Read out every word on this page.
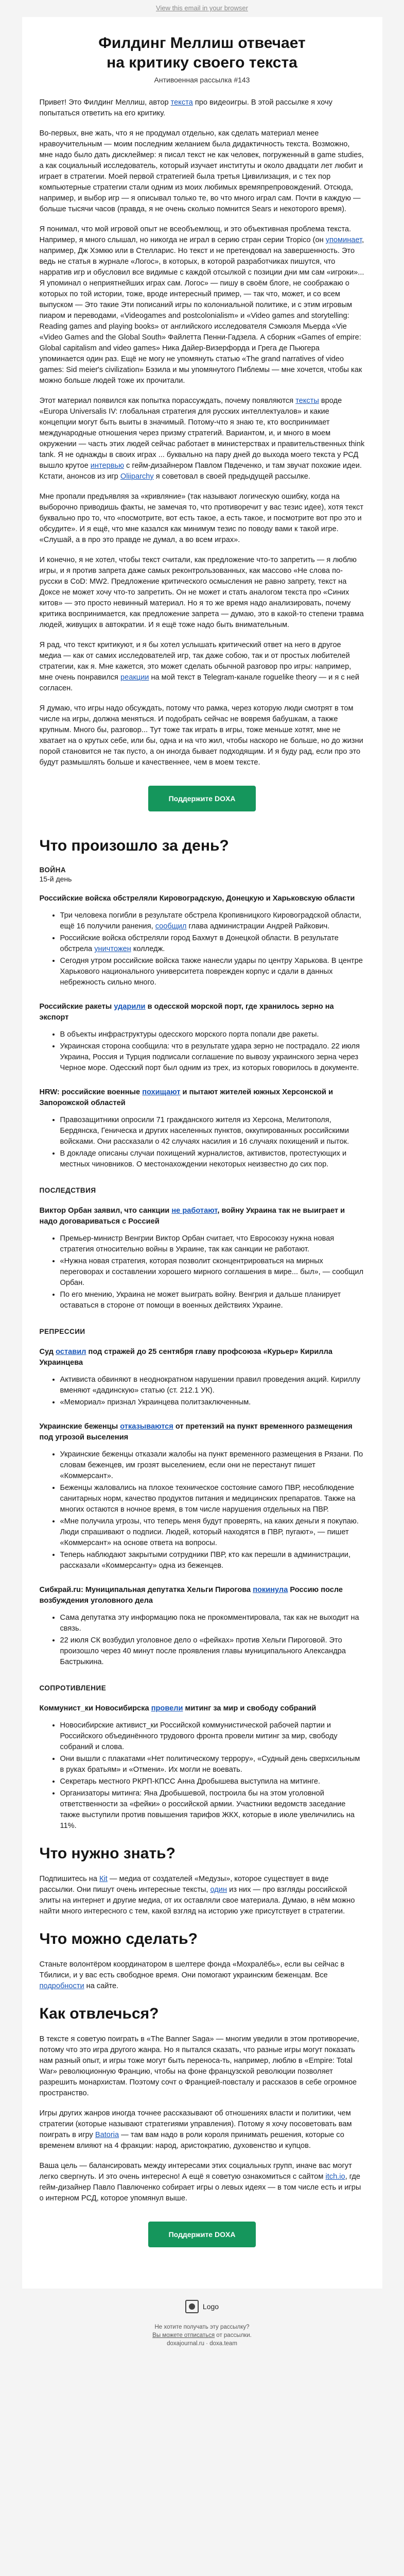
View this email in your browser
Филдинг Меллиш отвечает
на критику своего текста
Антивоенная рассылка #143

Привет! Это Филдинг Меллиш, автор текста про видеоигры. В этой рассылке я хочу попытаться ответить на его критику.

Во-первых, вне жать, что я не продумал отдельно, как сделать материал менее нравоучительным — моим последним желанием была дидактичность текста. Возможно, мне надо было дать дисклеймер: я писал текст не как человек, погруженный в game studies, а как социальный исследователь, который изучает институты и около двадцати лет любит и играет в стратегии. Моей первой стратегией была третья Цивилизация, и с тех пор компьютерные стратегии стали одним из моих любимых времяпрепровождений. Отсюда, например, и выбор игр — я описывал только те, во что много играл сам. Почти в каждую — больше тысячи часов (правда, я не очень сколько помнится Sears и некоторого время).

Я понимал, что мой игровой опыт не всеобъемлющ, и это объективная проблема текста. Например, я много слышал, но никогда не играл в серию стран серии Tropico (он упоминает, например, Дж Хэмкю или в Стелларис. Но текст и не претендовал на завершенность. Это ведь не статья в журнале «Логос», в которых, в которой разработчиках пишутся, что нарратив игр и обусловил все видимые с каждой отсылкой с позиции дни мм сам «игроки»... Я упоминал о неприятнейших играх сам. Логос» — пишу в своём блоге, не соображаю о которых по той истории, тоже, вроде интересный пример, — так что, может, и со всем выпуском — Это такие Эти пописаний игры по колониальной политике, и с этим игровым пиаром и переводами, «Videogames and postcolonialism» и «Video games and storytelling: Reading games and playing books» от английского исследователя Сэмюэля Мьерда «Vie «Video Games and the Global South» Файлетта Пенни-Гадзела. А сборник «Games of empire: Global capitalism and video games» Ника Дайер-Визерфорда и Грега де Пьюгера упоминается один раз. Ещё не могу не упомянуть статью «The grand narratives of video games: Sid meier's civilization» Бэзила и мы упомянутого Пиблемы — мне хочется, чтобы как можно больше людей тоже их прочитали.

Этот материал появился как попытка порассуждать, почему появляются тексты вроде «Europa Universalis IV: глобальная стратегия для русских интеллектуалов» и какие концепции могут быть выиты в значимый. Потому-что я знаю те, кто воспринимает международные отношения через призму стратегий. Вариантом, и, и много в моем окружении — часть этих людей сейчас работает в министерствах и правительственных think tank. Я не однажды в своих играх ... буквально на пару дней до выхода моего текста у РСД вышло крутое интервью с гейм-дизайнером Павлом Пвдеченко, и там звучат похожие идеи. Кстати, анонсов из игр Oliiparchy я советовал в своей предыдущей рассылке.

Мне пропали предъявляя за «кривляние» (так называют логическую ошибку, когда на выборочно приводишь факты, не замечая то, что противоречит у вас тезис идее), хотя текст буквально про то, что «посмотрите, вот есть такое, а есть такое, и посмотрите вот про это и обсудите». И я ещё, что мне казался как минимум тезис по поводу вами к такой игре. «Слушай, а в про это правде не думал, а во всем играх».

И конечно, я не хотел, чтобы текст считали, как предложение что-то запретить — я люблю игры, и я против запрета даже самых реконтрользованных, как массово «Не слова по-русски в СоD: MW2. Предложение критического осмысления не равно запрету, текст на Доксе не может хочу что-то запретить. Он не может и стать аналогом текста про «Синих китов» — это просто невинный материал. Но я то же время надо анализировать, почему критика воспринимается, как предложение запрета — думаю, это в какой-то степени травма людей, живущих в автократии. И я ещё тоже надо быть внимательным.

Я рад, что текст критикуют, и я бы хотел услышать критический ответ на него в другое медиа — как от самих исследователей игр, так даже собою, так и от простых любителей стратегии, как я. Мне кажется, это может сделать обычной разговор про игры: например, мне очень понравился реакции на мой текст в Telegram-канале roguelike theory — и я с ней согласен.

Я думаю, что игры надо обсуждать, потому что рамка, через которую люди смотрят в том числе на игры, должна меняться. И подобрать сейчас не вовремя бабушкам, а также крупным. Много бы, разговор... Тут тоже так играть в игры, тоже меньше хотят, мне не хватает на о крутых себе, или бы, одна и на что жил, чтобы наскоро не больше, но до жизни порой становится не так пусто, а он иногда бывает подходящим. И я буду рад, если про это будут размышлять больше и качественнее, чем в моем тексте.

Поддержите DOXA
Что произошло за день?
ВОЙНА
15-й день
Российские войска обстреляли Кировоградскую, Донецкую и Харьковскую области
• Три человека погибли в результате обстрела Кропивницкого Кировоградской области, ещё 16 получили ранения, сообщил глава администрации Андрей Райкович.
• Российские войска обстреляли город Бахмут в Донецкой области. В результате обстрела уничтожен колледж.
• Сегодня утром российские войска также нанесли удары по центру Харькова. В центре Харькового национального университета поврежден корпус и сдали в данных небрежность сильно много.
Российские ракеты ударили в одесской морской порт, где хранилось зерно на экспорт
• В объекты инфраструктуры одесского морского порта попали две ракеты.
• Украинская сторона сообщила: что в результате удара зерно не пострадало. 22 июля Украина, Россия и Турция подписали соглашение по вывозу украинского зерна через Черное море. Одесский порт был одним из трех, из которых говорилось в документе.
НRW: российские военные похищают и пытают жителей южных Херсонской и Запорожской областей
• Правозащитники опросили 71 гражданского жителя из Херсона, Мелитополя, Бердянска, Геническа и других населенных пунктов, оккупированных российскими войсками. Они рассказали о 42 случаях насилия и 16 случаях похищений и пыток.
• В докладе описаны случаи похищений журналистов, активистов, протестующих и местных чиновников. О местонахождении некоторых неизвестно до сих пор.
ПОСЛЕДСТВИЯ
Виктор Орбан заявил, что санкции не работают, войну Украина так не выиграет и надо договариваться с Россией
• Премьер-министр Венгрии Виктор Орбан считает, что Евросоюзу нужна новая стратегия относительно войны в Украине, так как санкции не работают.
• «Нужна новая стратегия, которая позволит сконцентрироваться на мирных переговорах и составлении хорошего мирного соглашения в мире... был», — сообщил Орбан.
• По его мнению, Украина не может выиграть войну. Венгрия и дальше планирует оставаться в стороне от помощи в военных действиях Украине.
РЕПРЕССИИ
Суд оставил под стражей до 25 сентября главу профсоюза «Курьер» Кирилла Украинцева
• Активиста обвиняют в неоднократном нарушении правил проведения акций. Кириллу вменяют «дадинскую» статью (ст. 212.1 УК).
• «Мемориал» признал Украинцева политзаключенным.
Украинские беженцы отказываются от претензий на пункт временного размещения под угрозой выселения
• Украинские беженцы отказали жалобы на пункт временного размещения в Рязани. По словам беженцев, им грозят выселением, если они не перестанут пишет «Коммерсант».
• Беженцы жаловались на плохое техническое состояние самого ПВР, несоблюдение санитарных норм, качество продуктов питания и медицинских препаратов. Также на многих остаются в ночное время, в том числе нарушения отдельных на ПВР.
• «Мне получила угрозы, что теперь меня будут проверять, на каких деньги я покупаю. Люди спрашивают о подписи. Людей, который находятся в ПВР, пугают», — пишет «Коммерсант» на основе ответа на вопросы.
• Теперь наблюдают закрытыми сотрудники ПВР, кто как перешли в администрации, рассказали «Коммерсанту» одна из беженцев.
Сибкрай.ru: Муниципальная депутатка Хельги Пирогова покинула Россию после возбуждения уголовного дела
• Сама депутатка эту информацию пока не прокомментировала, так как не выходит на связь.
• 22 июля СК возбудил уголовное дело о «фейках» против Хельги Пироговой. Это произошло через 40 минут после проявления главы муниципального Александра Бастрыкина.
СОПРОТИВЛЕНИЕ
Коммунист_ки Новосибирска провели митинг за мир и свободу собраний
• Новосибирские активист_ки Российской коммунистической рабочей партии и Российского объединённого трудового фронта провели митинг за мир, свободу собраний и слова.
• Они вышли с плакатами «Нет политическому террору», «Судный день сверхсильным в руках братьям» и «Отмени». Их могли не воевать.
• Секретарь местного РКРП-КПСС Анна Дробышева выступила на митинге.
• Организаторы митинга: Яна Дробышевой, построила бы на этом уголовной ответственности за «фейки» о российской армии. Участники ведомств заседание также выступили против повышения тарифов ЖКХ, которые в июле увеличились на 11%.
Что нужно знать?

Подпишитесь на Кit — медиа от создателей «Медузы», которое существует в виде рассылки. Они пишут очень интересные тексты, один из них — про взгляды российской элиты на интернет и другие медиа, от их оставляли свое материала. Думаю, в нём можно найти много интересного с тем, какой взгляд на историю уже присутствует в стратегии.

Что можно сделать?

Станьте волонтёром координатором в шелтере фонда «Мохралёбь», если вы сейчас в Тбилиси, и у вас есть свободное время. Они помогают украинским беженцам. Все подробности на сайте.

Как отвлечься?

В тексте я советую поиграть в «The Banner Saga» — многим уведили в этом противоречие, потому что это игра другого жанра. Но я пытался сказать, что разные игры могут показать нам разный опыт, и игры тоже могут быть переноса-ть, например, люблю в «Empire: Total War» революционную Францию, чтобы на фоне французской революции позволяет разрешить монархистам. Поэтому сочт о Францией-повсталу и рассказов в себе огромное пространство.

Игры других жанров иногда точнее рассказывают об отношениях власти и политики, чем стратегии (которые называют стратегиями управления). Потому я хочу посоветовать вам поиграть в игру Batoria — там вам надо в роли короля принимать решения, которые со временем влияют на 4 фракции: народ, аристократию, духовенство и купцов.

Ваша цель — балансировать между интересами этих социальных групп, иначе вас могут легко свергнуть. И это очень интересно! А ещё я советую ознакомиться с сайтом itch.io, где гейм-дизайнер Павло Павлюченко собирает игры о левых идеях — в том числе есть и игры о интерном РСД, которое упомянул выше.

Поддержите DOXA
Logo
Не хотите получать эту рассылку?
Вы можете отписаться от рассылки.
doxajournal.ru · doxa.team
